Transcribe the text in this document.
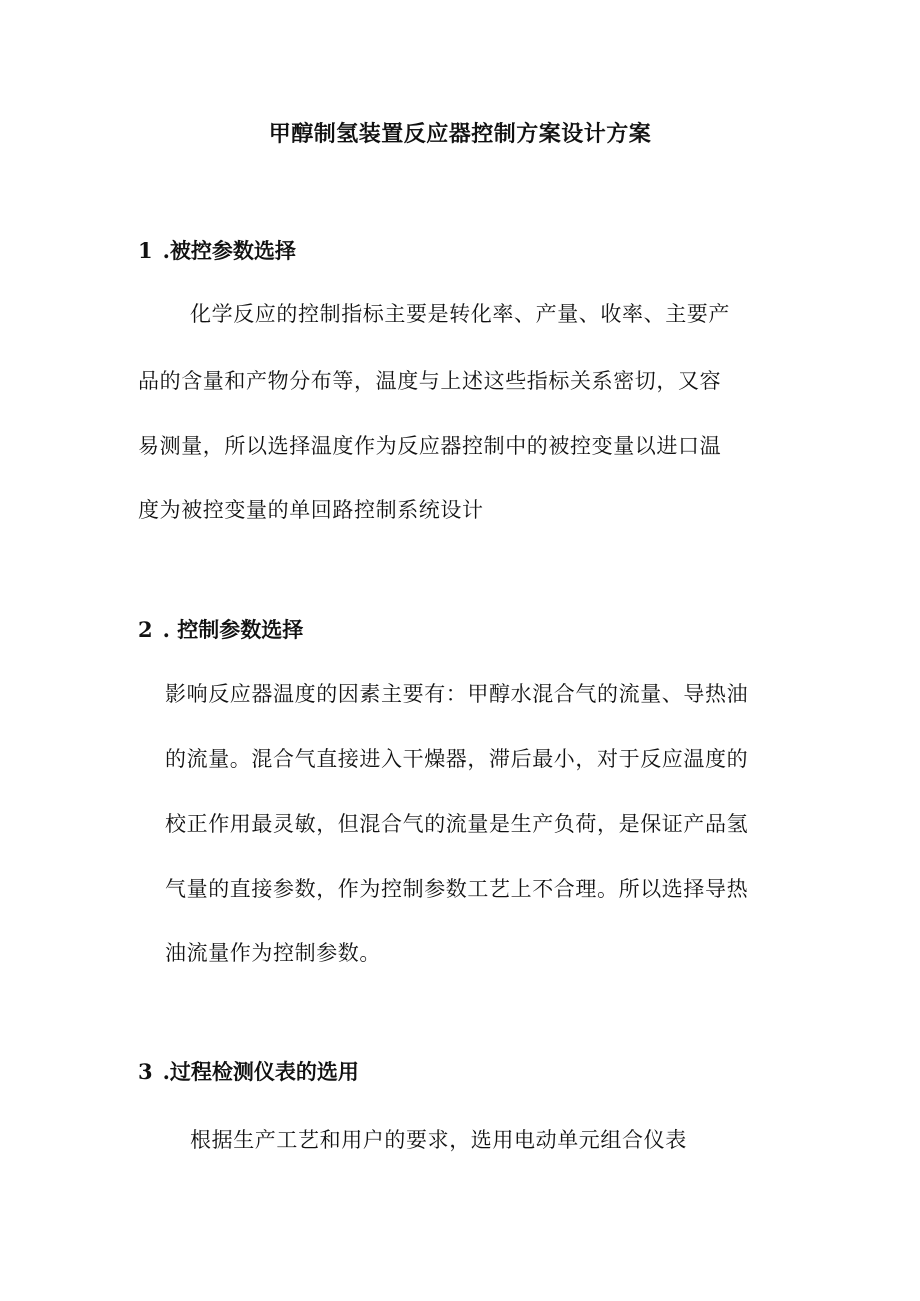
甲醇制氢装置反应器控制方案设计方案
1 .被控参数选择
化学反应的控制指标主要是转化率、产量、收率、主要产
品的含量和产物分布等，温度与上述这些指标关系密切，又容
易测量，所以选择温度作为反应器控制中的被控变量以进口温
度为被控变量的单回路控制系统设计
2 . 控制参数选择
影响反应器温度的因素主要有：甲醇水混合气的流量、导热油
的流量。混合气直接进入干燥器，滞后最小，对于反应温度的
校正作用最灵敏，但混合气的流量是生产负荷，是保证产品氢
气量的直接参数，作为控制参数工艺上不合理。所以选择导热
油流量作为控制参数。
3 .过程检测仪表的选用
根据生产工艺和用户的要求，选用电动单元组合仪表
